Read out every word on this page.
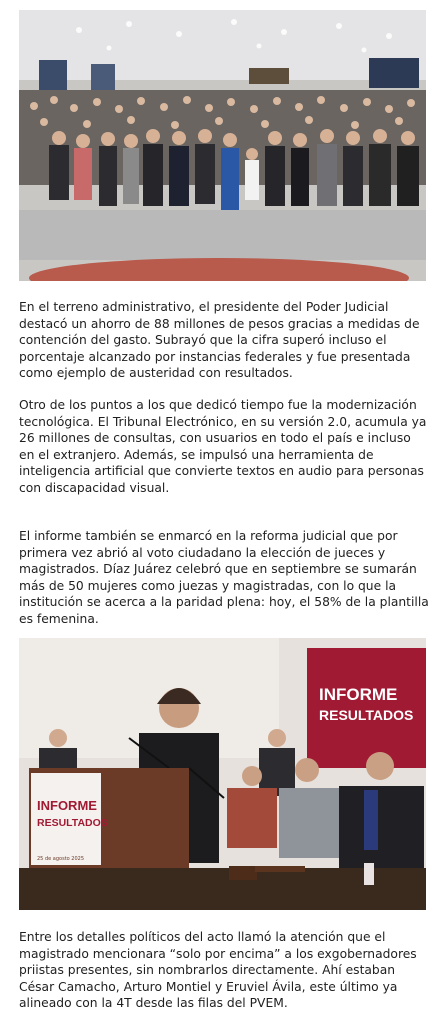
En el terreno administrativo, el presidente del Poder Judicial destacó un ahorro de 88 millones de pesos gracias a medidas de contención del gasto. Subrayó que la cifra superó incluso el porcentaje alcanzado por instancias federales y fue presentada como ejemplo de austeridad con resultados.

Otro de los puntos a los que dedicó tiempo fue la modernización tecnológica. El Tribunal Electrónico, en su versión 2.0, acumula ya 26 millones de consultas, con usuarios en todo el país e incluso en el extranjero. Además, se impulsó una herramienta de inteligencia artificial que convierte textos en audio para personas con discapacidad visual.

El informe también se enmarcó en la reforma judicial que por primera vez abrió al voto ciudadano la elección de jueces y magistrados. Díaz Juárez celebró que en septiembre se sumarán más de 50 mujeres como juezas y magistradas, con lo que la institución se acerca a la paridad plena: hoy, el 58% de la plantilla es femenina.

INFORME
RESULTADOS
INFORME
RESULTADOS
25 de agosto 2025

Entre los detalles políticos del acto llamó la atención que el magistrado mencionara “solo por encima” a los exgobernadores priistas presentes, sin nombrarlos directamente. Ahí estaban César Camacho, Arturo Montiel y Eruviel Ávila, este último ya alineado con la 4T desde las filas del PVEM.
